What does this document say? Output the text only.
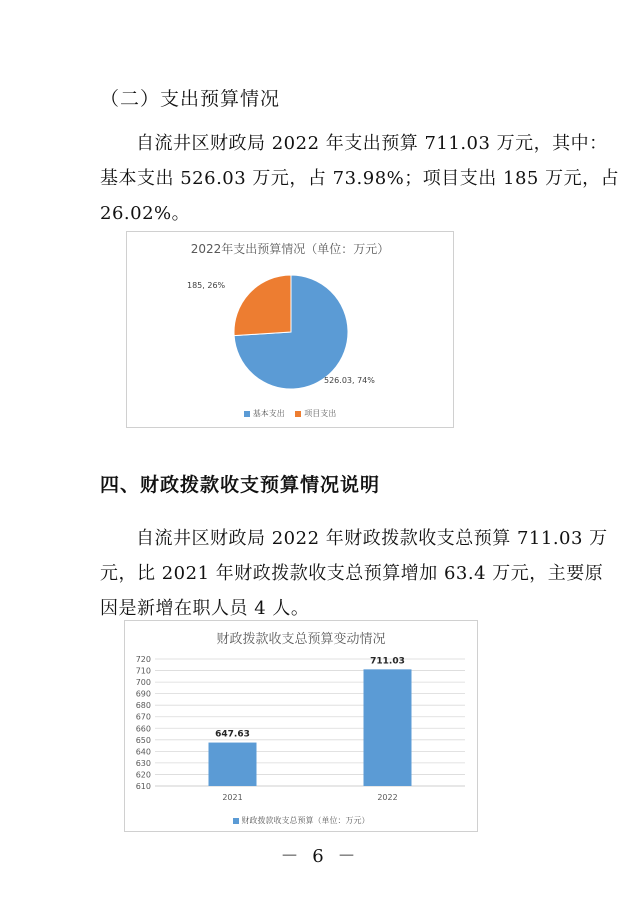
（二）支出预算情况
自流井区财政局 2022 年支出预算 711.03 万元，其中：
基本支出 526.03 万元，占 73.98%；项目支出 185 万元，占
26.02%。
2022年支出预算情况（单位：万元）
185, 26%
526.03, 74%
基本支出 项目支出
四、财政拨款收支预算情况说明
自流井区财政局 2022 年财政拨款收支总预算 711.03 万
元，比 2021 年财政拨款收支总预算增加 63.4 万元，主要原
因是新增在职人员 4 人。
财政拨款收支总预算变动情况
720
710
700
690
680
670
660
650
640
630
620
610
647.63
711.03
2021	2022
财政拨款收支总预算（单位：万元）
－ 6 －
